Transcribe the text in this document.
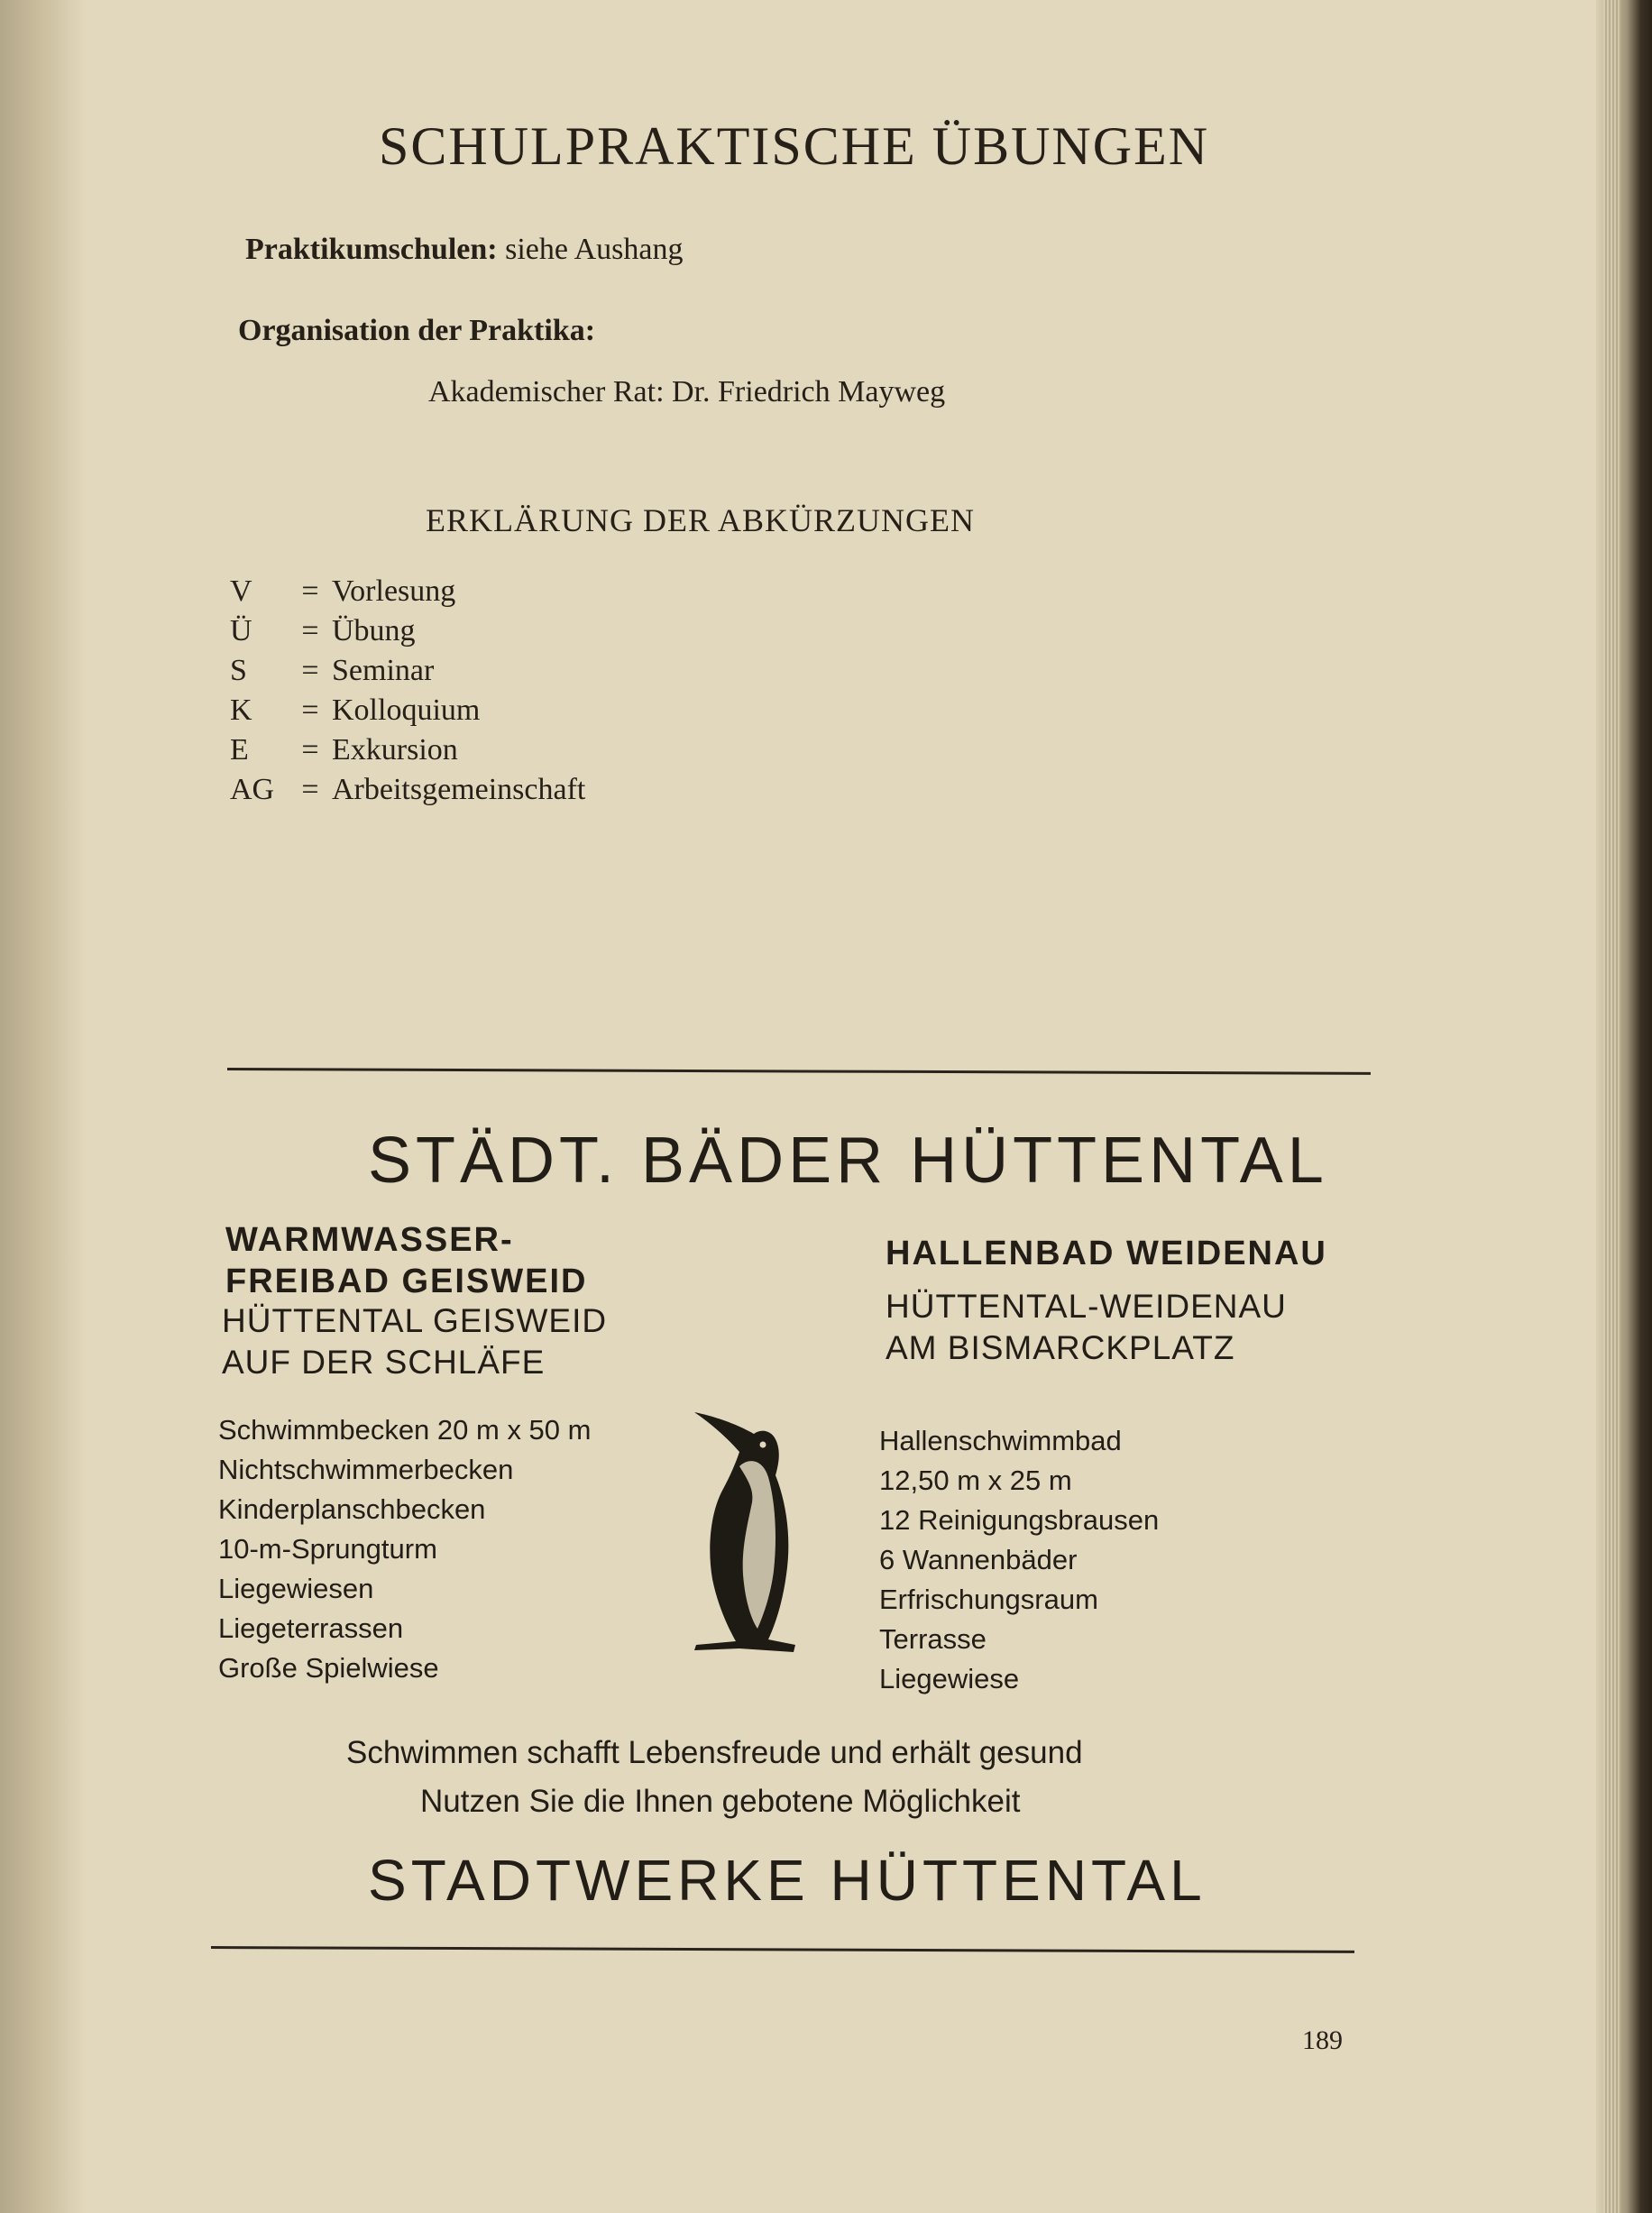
SCHULPRAKTISCHE ÜBUNGEN
Praktikumschulen: siehe Aushang
Organisation der Praktika:
Akademischer Rat: Dr. Friedrich Mayweg
ERKLÄRUNG DER ABKÜRZUNGEN
V	= Vorlesung
Ü	= Übung
S	= Seminar
K	= Kolloquium
E	= Exkursion
AG = Arbeitsgemeinschaft
STÄDT. BÄDER HÜTTENTAL
WARMWASSER-
FREIBAD GEISWEID
HÜTTENTAL GEISWEID
AUF DER SCHLÄFE
HALLENBAD WEIDENAU
HÜTTENTAL-WEIDENAU
AM BISMARCKPLATZ
Schwimmbecken 20 m x 50 m
Nichtschwimmerbecken
Kinderplanschbecken
10-m-Sprungturm
Liegewiesen
Liegeterrassen
Große Spielwiese
Hallenschwimmbad
12,50 m x 25 m
12 Reinigungsbrausen
6 Wannenbäder
Erfrischungsraum
Terrasse
Liegewiese
Schwimmen schafft Lebensfreude und erhält gesund
Nutzen Sie die Ihnen gebotene Möglichkeit
STADTWERKE HÜTTENTAL
189
